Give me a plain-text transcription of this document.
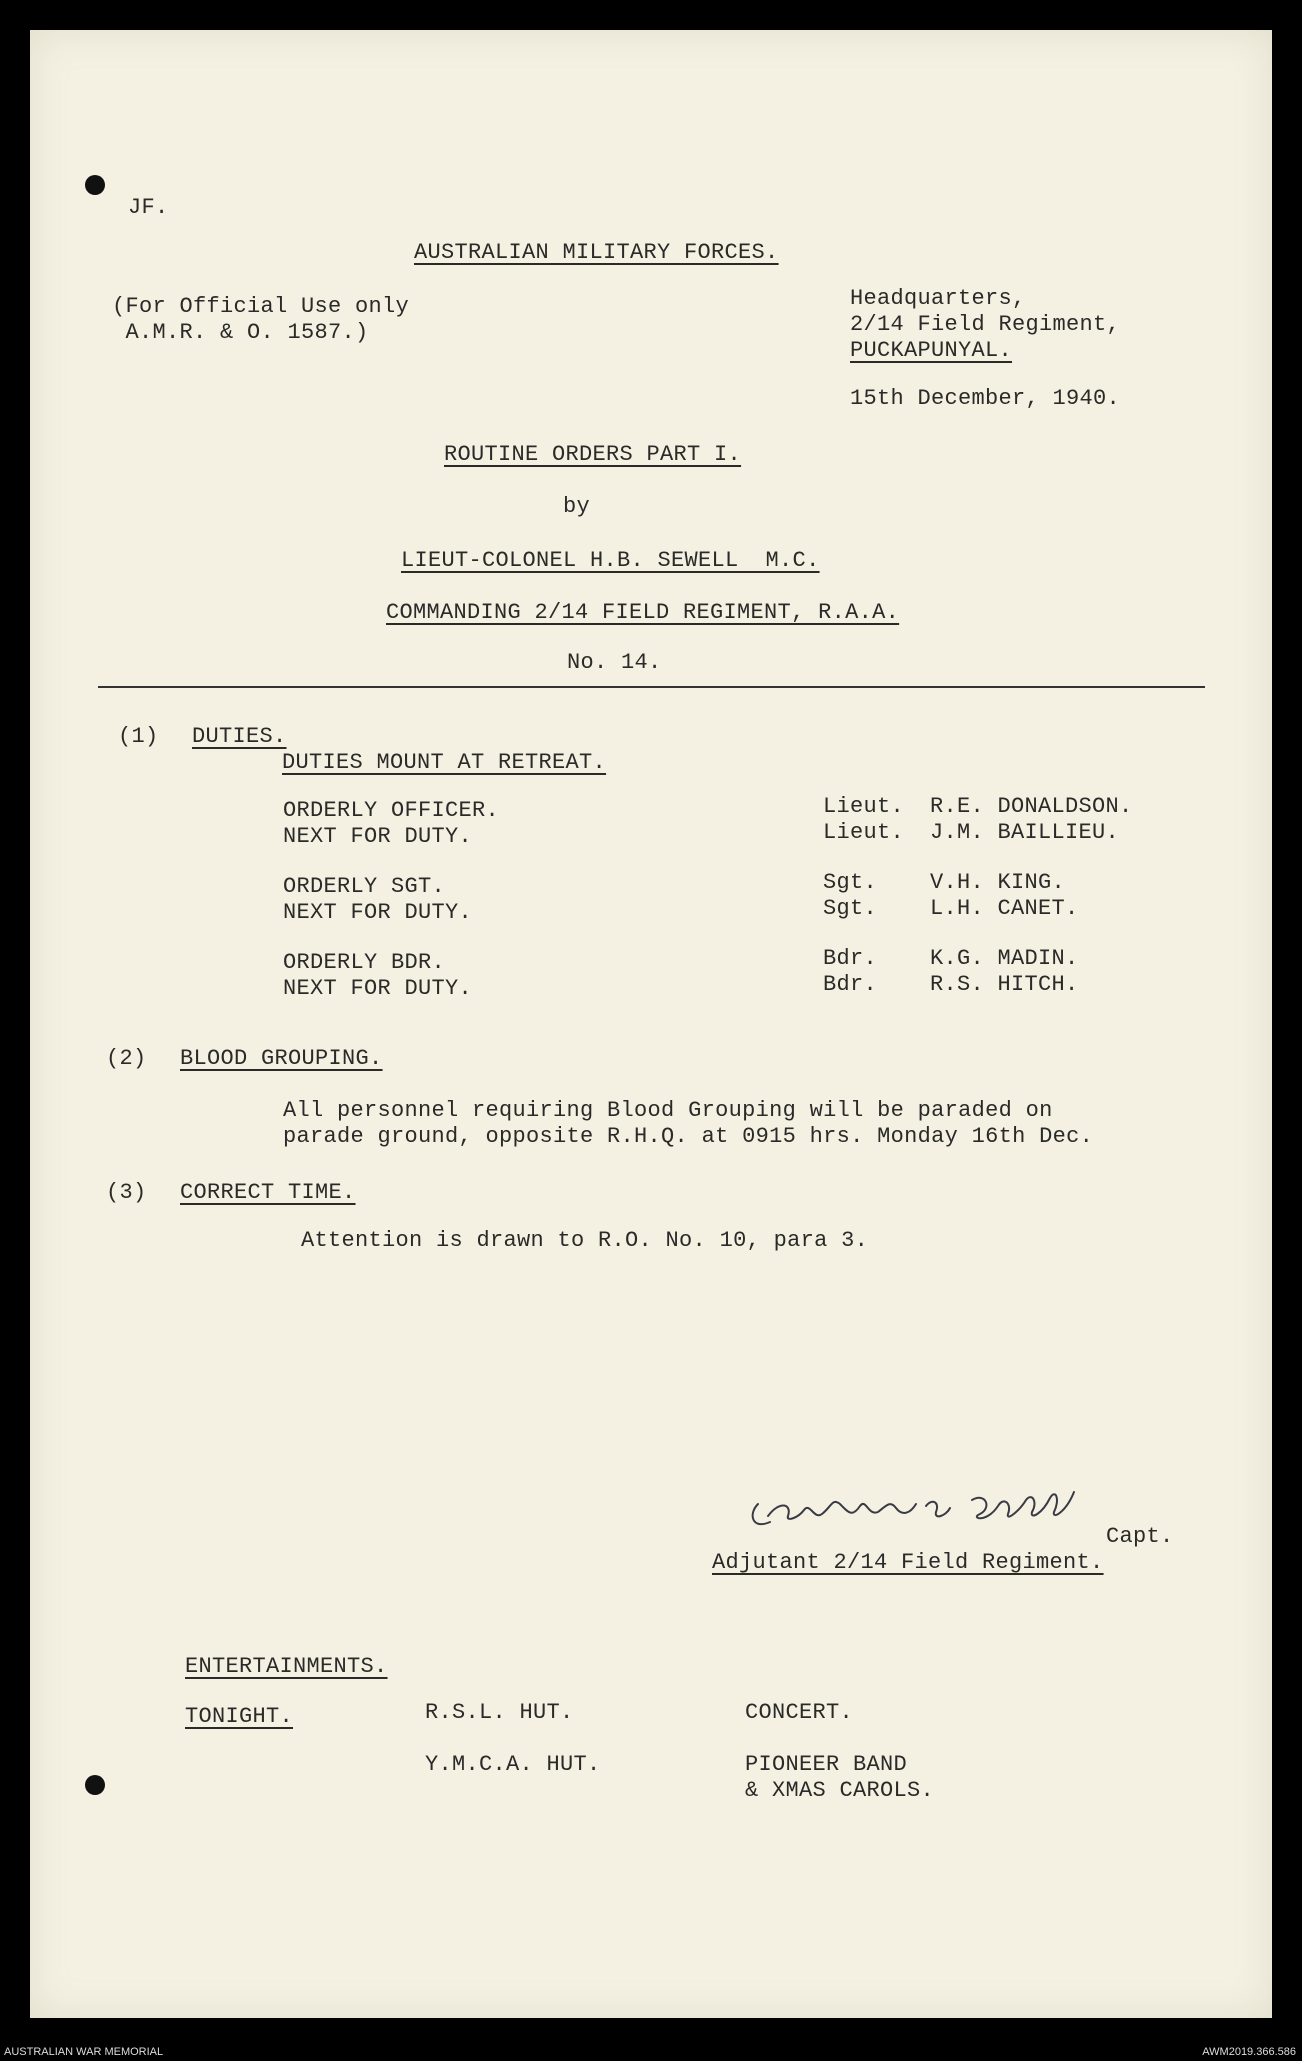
JF.
AUSTRALIAN MILITARY FORCES.
(For Official Use only
A.M.R. & O. 1587.)
Headquarters,
2/14 Field Regiment,
PUCKAPUNYAL.
15th December, 1940.
ROUTINE ORDERS PART I.
by
LIEUT-COLONEL H.B. SEWELL  M.C.
COMMANDING 2/14 FIELD REGIMENT, R.A.A.
No. 14.
(1) DUTIES.
DUTIES MOUNT AT RETREAT.
ORDERLY OFFICER.	Lieut. R.E. DONALDSON.
NEXT FOR DUTY.	Lieut. J.M. BAILLIEU.
ORDERLY SGT.	Sgt. V.H. KING.
NEXT FOR DUTY.	Sgt. L.H. CANET.
ORDERLY BDR.	Bdr. K.G. MADIN.
NEXT FOR DUTY.	Bdr. R.S. HITCH.
(2) BLOOD GROUPING.
All personnel requiring Blood Grouping will be paraded on
parade ground, opposite R.H.Q. at 0915 hrs. Monday 16th Dec.
(3) CORRECT TIME.
Attention is drawn to R.O. No. 10, para 3.
Capt.
Adjutant 2/14 Field Regiment.
ENTERTAINMENTS.
TONIGHT.	R.S.L. HUT.	CONCERT.
Y.M.C.A. HUT.	PIONEER BAND
& XMAS CAROLS.
AUSTRALIAN WAR MEMORIAL	AWM2019.366.586
